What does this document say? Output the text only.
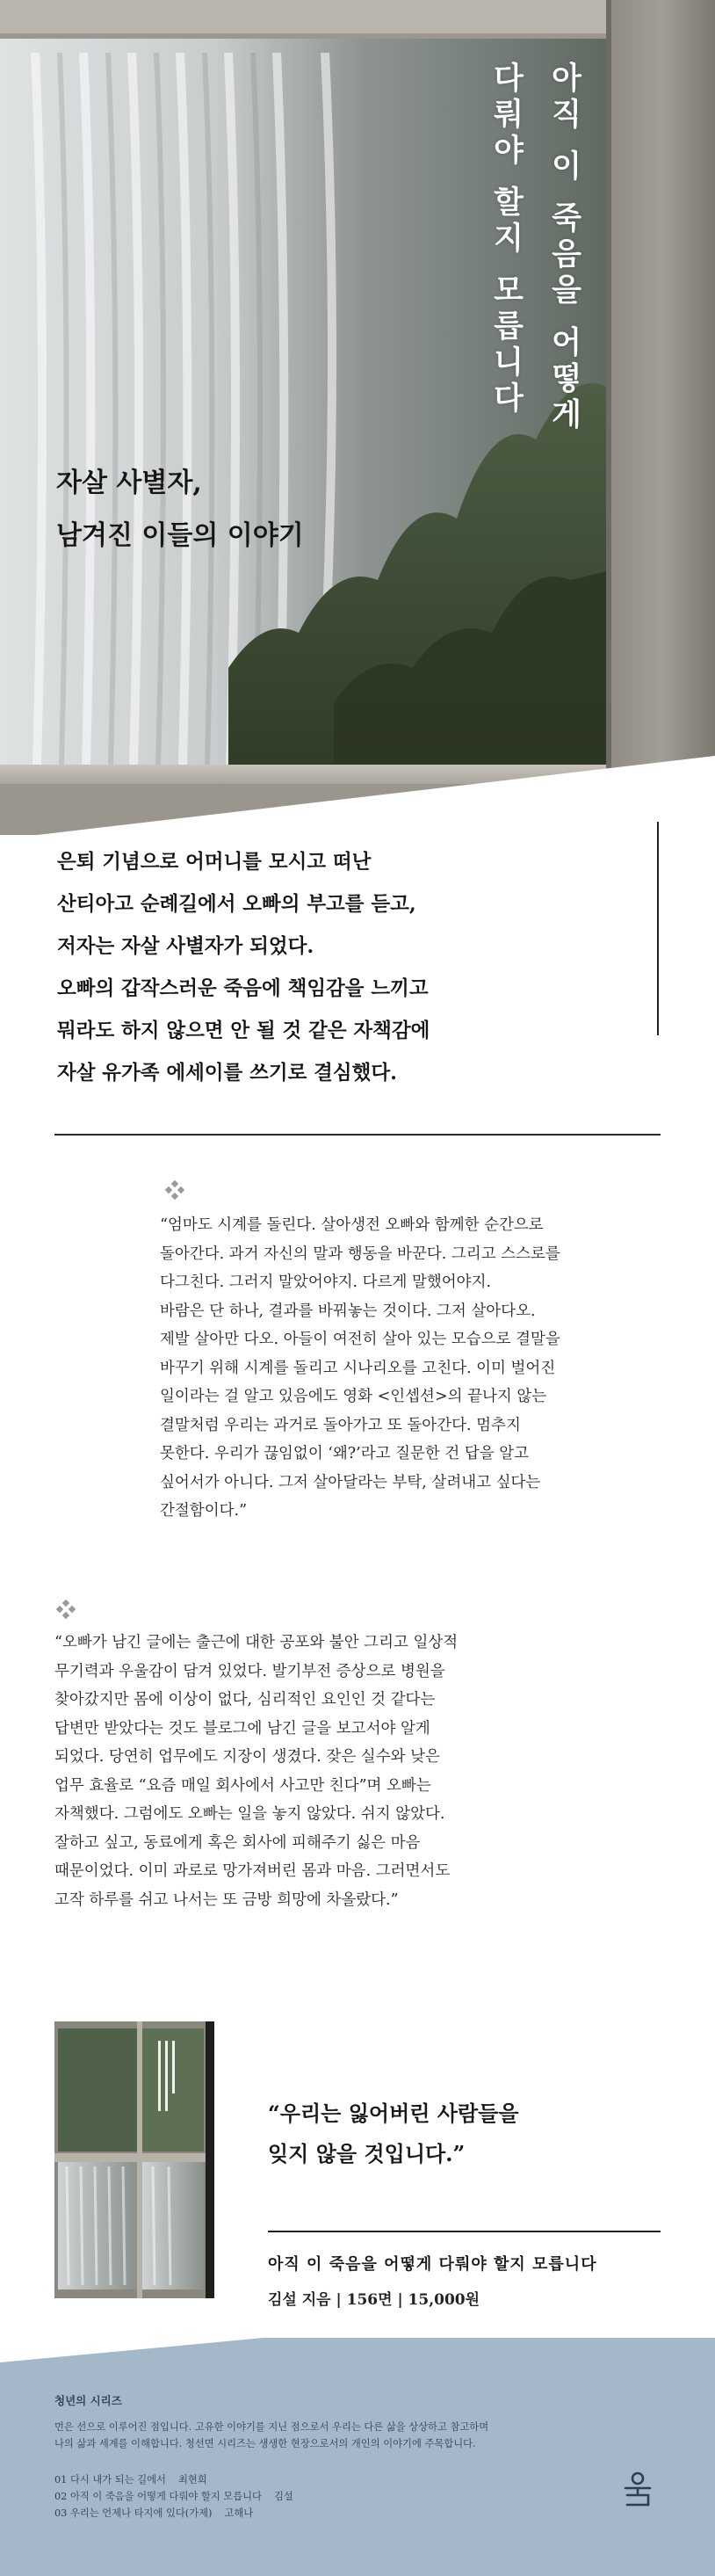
아직 이 죽음을 어떻게
다뤄야 할지 모릅니다
자살 사별자,
남겨진 이들의 이야기
은퇴 기념으로 어머니를 모시고 떠난
산티아고 순례길에서 오빠의 부고를 듣고,
저자는 자살 사별자가 되었다.
오빠의 갑작스러운 죽음에 책임감을 느끼고
뭐라도 하지 않으면 안 될 것 같은 자책감에
자살 유가족 에세이를 쓰기로 결심했다.
“엄마도 시계를 돌린다. 살아생전 오빠와 함께한 순간으로
돌아간다. 과거 자신의 말과 행동을 바꾼다. 그리고 스스로를
다그친다. 그러지 말았어야지. 다르게 말했어야지.
바람은 단 하나, 결과를 바꿔놓는 것이다. 그저 살아다오.
제발 살아만 다오. 아들이 여전히 살아 있는 모습으로 결말을
바꾸기 위해 시계를 돌리고 시나리오를 고친다. 이미 벌어진
일이라는 걸 알고 있음에도 영화 <인셉션>의 끝나지 않는
결말처럼 우리는 과거로 돌아가고 또 돌아간다. 멈추지
못한다. 우리가 끊임없이 ‘왜?’라고 질문한 건 답을 알고
싶어서가 아니다. 그저 살아달라는 부탁, 살려내고 싶다는
간절함이다.”
“오빠가 남긴 글에는 출근에 대한 공포와 불안 그리고 일상적
무기력과 우울감이 담겨 있었다. 발기부전 증상으로 병원을
찾아갔지만 몸에 이상이 없다, 심리적인 요인인 것 같다는
답변만 받았다는 것도 블로그에 남긴 글을 보고서야 알게
되었다. 당연히 업무에도 지장이 생겼다. 잦은 실수와 낮은
업무 효율로 “요즘 매일 회사에서 사고만 친다”며 오빠는
자책했다. 그럼에도 오빠는 일을 놓지 않았다. 쉬지 않았다.
잘하고 싶고, 동료에게 혹은 회사에 피해주기 싫은 마음
때문이었다. 이미 과로로 망가져버린 몸과 마음. 그러면서도
고작 하루를 쉬고 나서는 또 금방 희망에 차올랐다.”
“우리는 잃어버린 사람들을
잊지 않을 것입니다.”
아직 이 죽음을 어떻게 다뤄야 할지 모릅니다
김설 지음 | 156면 | 15,000원
청년의 시리즈
먼은 선으로 이루어진 점입니다. 고유한 이야기를 지닌 점으로서 우리는 다른 삶을 상상하고 참고하며
나의 삶과 세계를 이해합니다. 청선면 시리즈는 생생한 현장으로서의 개인의 이야기에 주목합니다.
01 다시 내가 되는 길에서 최현희
02 아직 이 죽음을 어떻게 다뤄야 할지 모릅니다 김설
03 우리는 언제나 타지에 있다(가제) 고해나
